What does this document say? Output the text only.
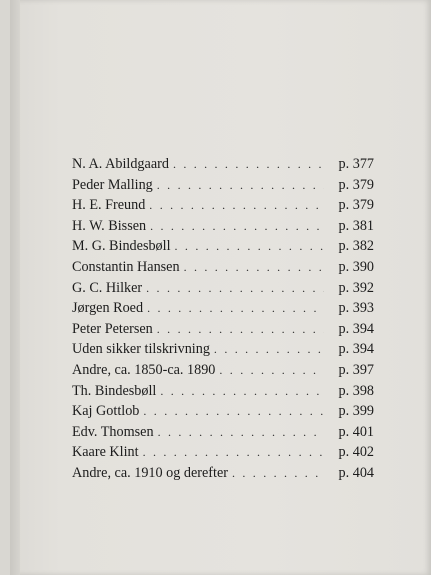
N. A. Abildgaard . . .	p. 377
Peder Malling . . .	p. 379
H. E. Freund . . .	p. 379
H. W. Bissen . . .	p. 381
M. G. Bindesbøll . . .	p. 382
Constantin Hansen . . .	p. 390
G. C. Hilker . . .	p. 392
Jørgen Roed . . .	p. 393
Peter Petersen . . .	p. 394
Uden sikker tilskrivning . . .	p. 394
Andre, ca. 1850-ca. 1890 . . .	p. 397
Th. Bindesbøll . . .	p. 398
Kaj Gottlob . . .	p. 399
Edv. Thomsen . . .	p. 401
Kaare Klint . . .	p. 402
Andre, ca. 1910 og derefter . . .	p. 404
